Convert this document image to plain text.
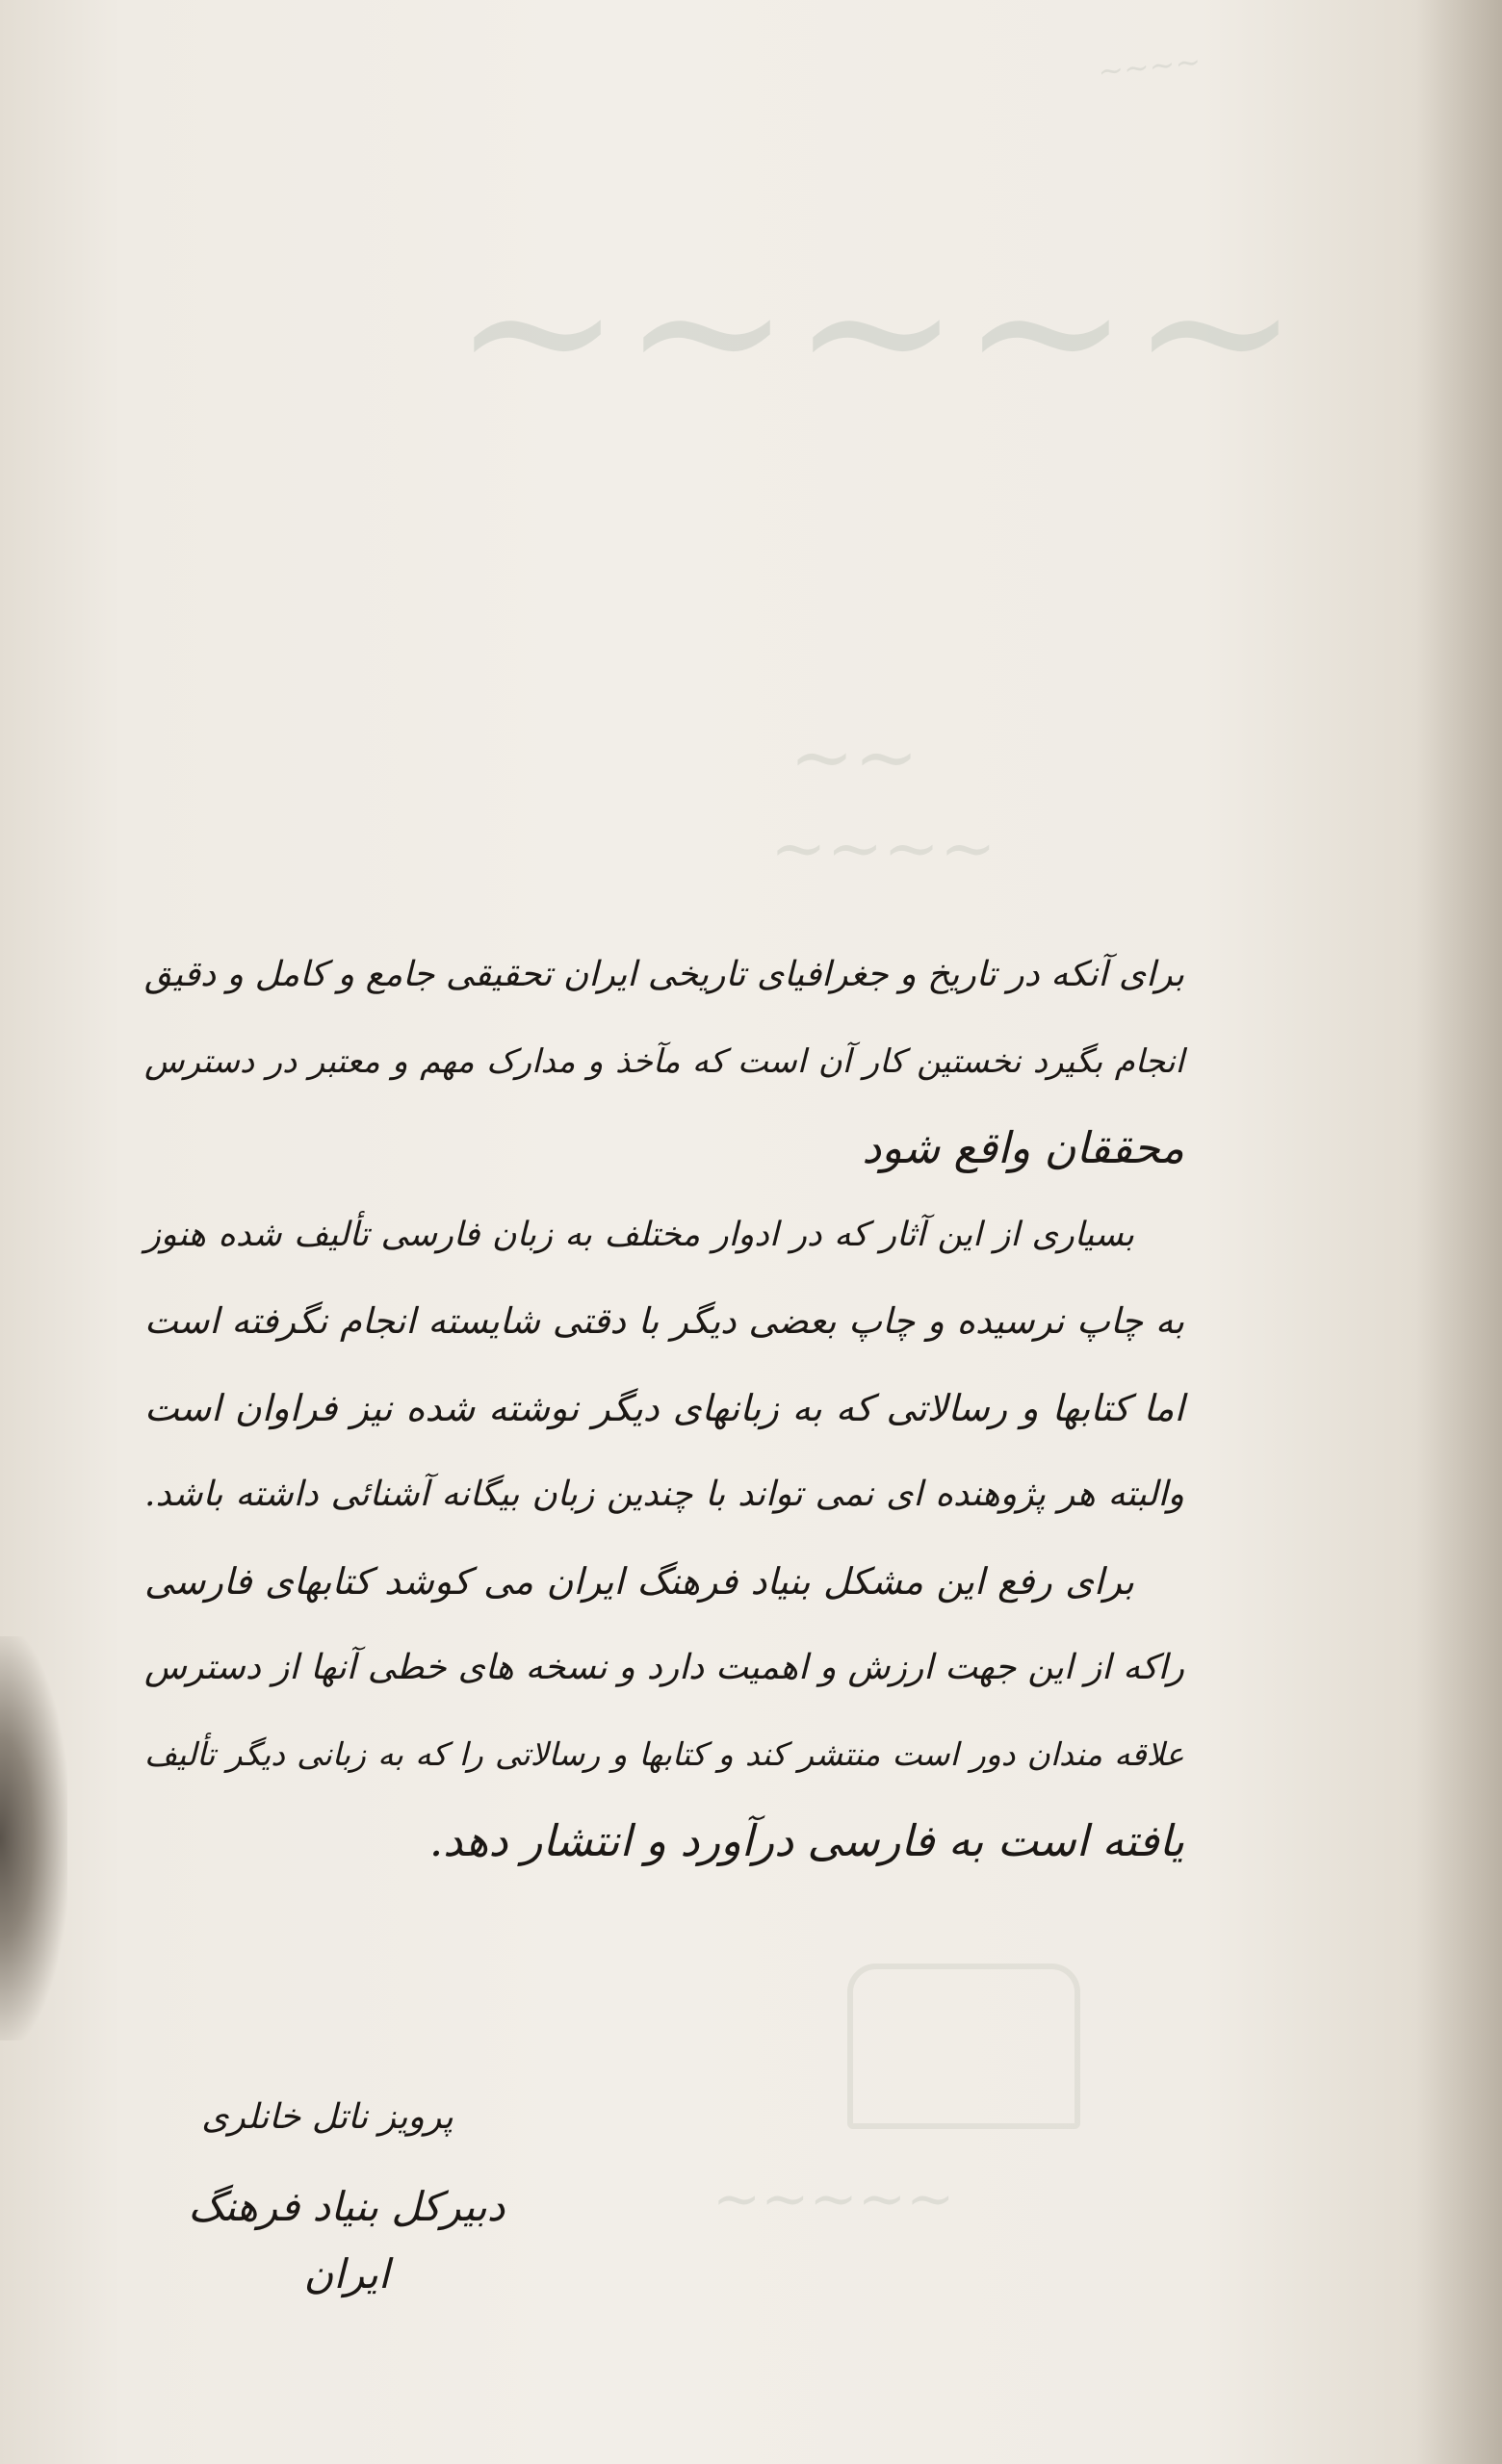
~~~~
~~~~~
~~
~~~~
~~~~~
برای آنکه در تاریخ و جغرافیای تاریخی ایران تحقیقی جامع و کامل و دقیق
انجام بگیرد نخستین کار آن است که مآخذ و مدارک مهم و معتبر در دسترس
محققان واقع شود
بسیاری از این آثار که در ادوار مختلف به زبان فارسی تألیف شده هنوز
به چاپ نرسیده و چاپ بعضی دیگر با دقتی شایسته انجام نگرفته است
اما کتابها و رسالاتی که به زبانهای دیگر نوشته شده نیز فراوان است
والبته هر پژوهنده ای نمی تواند با چندین زبان بیگانه آشنائی داشته باشد.
برای رفع این مشکل بنیاد فرهنگ ایران می کوشد کتابهای فارسی
راکه از این جهت ارزش و اهمیت دارد و نسخه های خطی آنها از دسترس
علاقه مندان دور است منتشر کند و کتابها و رسالاتی را که به زبانی دیگر تألیف
یافته است به فارسی درآورد و انتشار دهد.
پرویز ناتل خانلری
دبیرکل بنیاد فرهنگ ایران
